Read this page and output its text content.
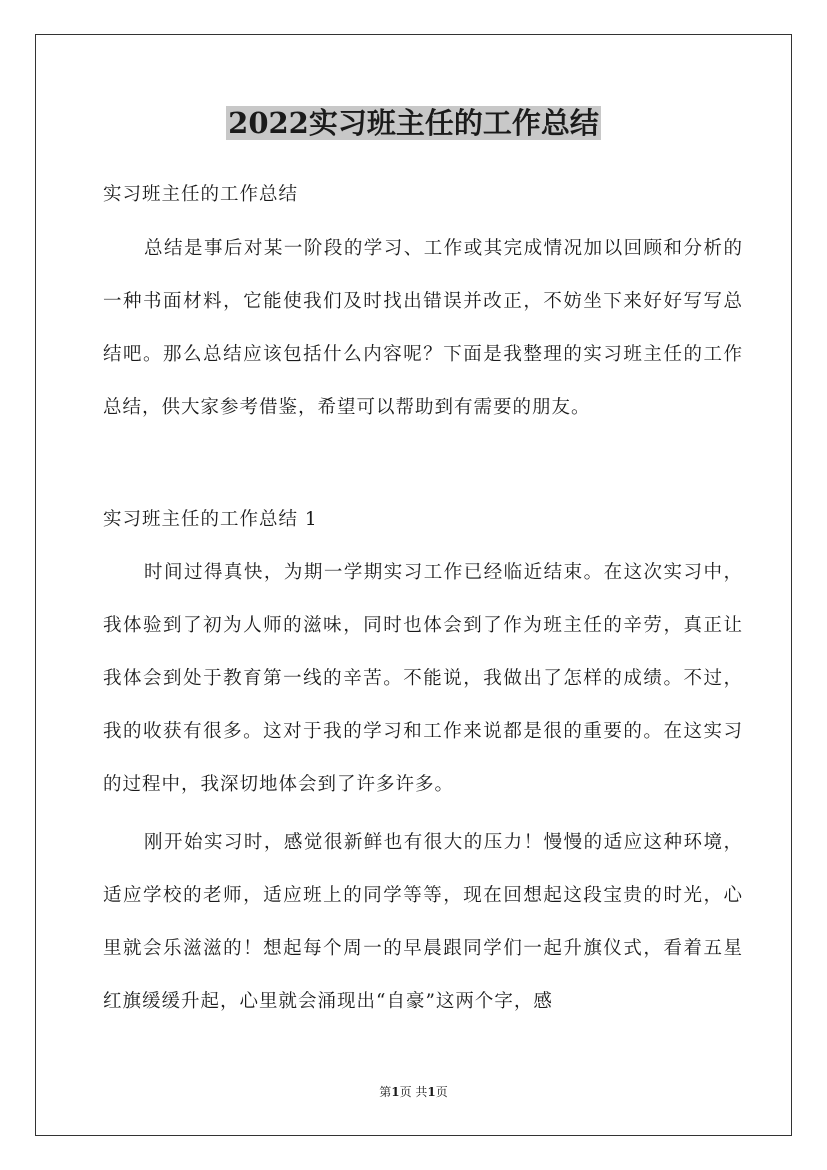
2022实习班主任的工作总结
实习班主任的工作总结
总结是事后对某一阶段的学习、工作或其完成情况加以回顾和分析的一种书面材料，它能使我们及时找出错误并改正，不妨坐下来好好写写总结吧。那么总结应该包括什么内容呢？下面是我整理的实习班主任的工作总结，供大家参考借鉴，希望可以帮助到有需要的朋友。
实习班主任的工作总结 1
时间过得真快，为期一学期实习工作已经临近结束。在这次实习中，我体验到了初为人师的滋味，同时也体会到了作为班主任的辛劳，真正让我体会到处于教育第一线的辛苦。不能说，我做出了怎样的成绩。不过，我的收获有很多。这对于我的学习和工作来说都是很的重要的。在这实习的过程中，我深切地体会到了许多许多。
刚开始实习时，感觉很新鲜也有很大的压力！慢慢的适应这种环境，适应学校的老师，适应班上的同学等等，现在回想起这段宝贵的时光，心里就会乐滋滋的！想起每个周一的早晨跟同学们一起升旗仪式，看着五星红旗缓缓升起，心里就会涌现出“自豪”这两个字，感
第1页 共1页
